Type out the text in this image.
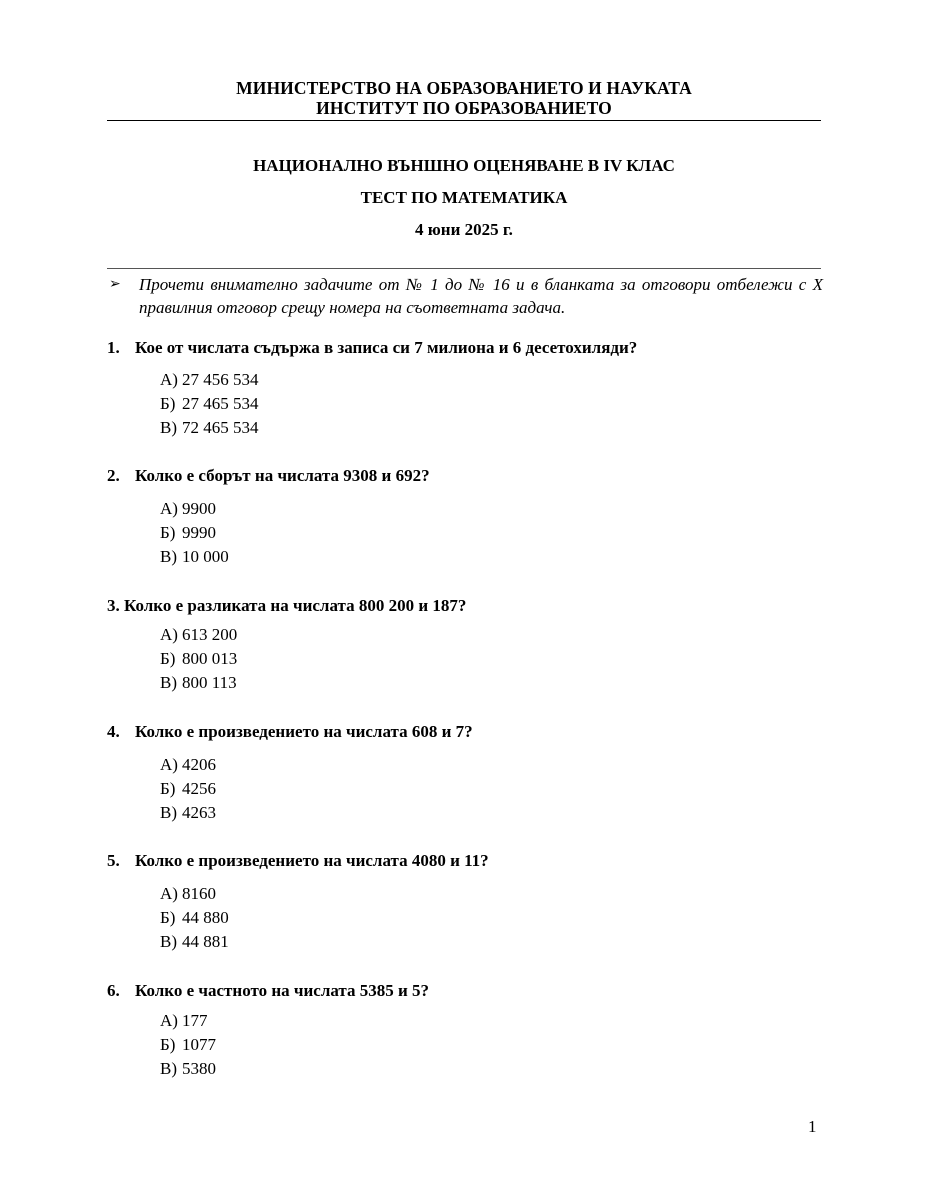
МИНИСТЕРСТВО НА ОБРАЗОВАНИЕТО И НАУКАТА
ИНСТИТУТ ПО ОБРАЗОВАНИЕТО
НАЦИОНАЛНО ВЪНШНО ОЦЕНЯВАНЕ В IV КЛАС
ТЕСТ ПО МАТЕМАТИКА
4 юни 2025 г.
➢ Прочети внимателно задачите от № 1 до № 16 и в бланката за отговори отбележи с X правилния отговор срещу номера на съответната задача.
1. Кое от числата съдържа в записа си 7 милиона и 6 десетохиляди?
А) 27 456 534
Б) 27 465 534
В) 72 465 534
2. Колко е сборът на числата 9308 и 692?
А) 9900
Б) 9990
В) 10 000
3. Колко е разликата на числата 800 200 и 187?
А) 613 200
Б) 800 013
В) 800 113
4. Колко е произведението на числата 608 и 7?
А) 4206
Б) 4256
В) 4263
5. Колко е произведението на числата 4080 и 11?
А) 8160
Б) 44 880
В) 44 881
6. Колко е частното на числата 5385 и 5?
А) 177
Б) 1077
В) 5380
1
